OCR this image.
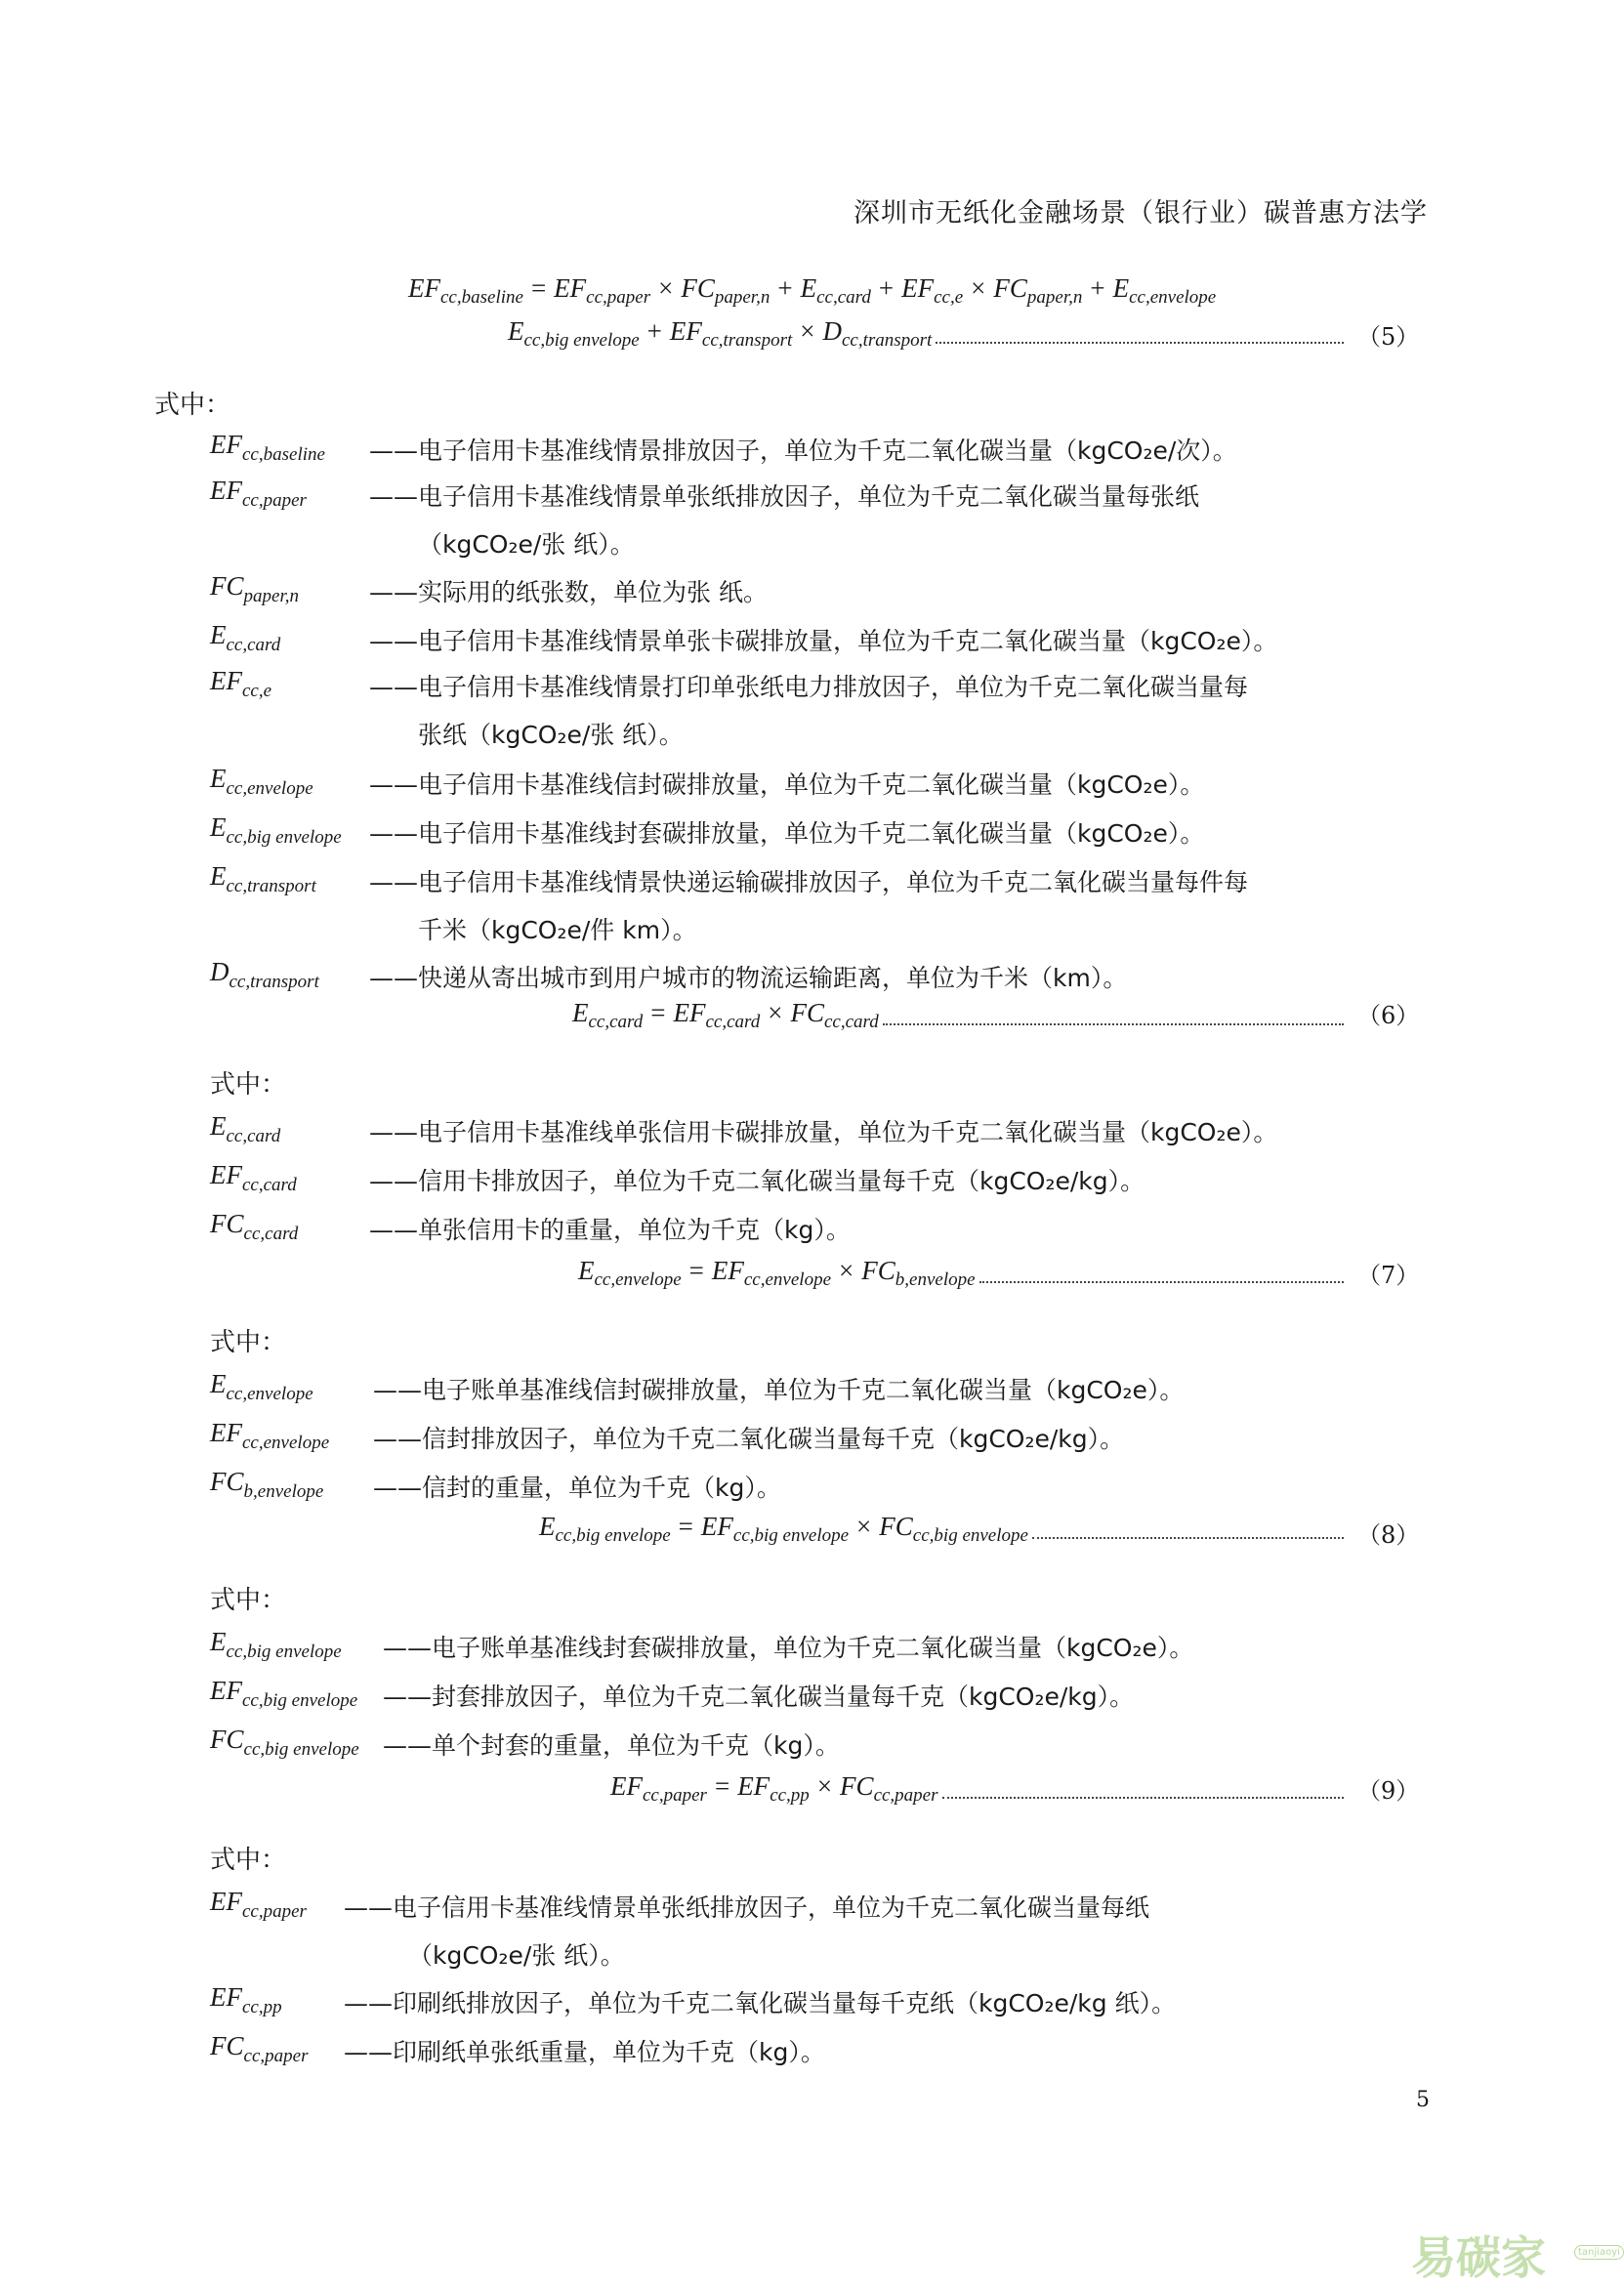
深圳市无纸化金融场景（银行业）碳普惠方法学
$EF_{cc,baseline} = EF_{cc,paper} \times FC_{paper,n} + E_{cc,card} + EF_{cc,e} \times FC_{paper,n} + E_{cc,envelope}$
$E_{cc,big envelope} + EF_{cc,transport} \times D_{cc,transport}$	（5）
式中：
$EF_{cc,baseline}$ ——电子信用卡基准线情景排放因子，单位为千克二氧化碳当量（kgCO₂e/次）。
$EF_{cc,paper}$	——电子信用卡基准线情景单张纸排放因子，单位为千克二氧化碳当量每张纸
（kgCO₂e/张 纸）。
$FC_{paper,n}$	——实际用的纸张数，单位为张 纸。
$E_{cc,card}$	——电子信用卡基准线情景单张卡碳排放量，单位为千克二氧化碳当量（kgCO₂e）。
$EF_{cc,e}$	——电子信用卡基准线情景打印单张纸电力排放因子，单位为千克二氧化碳当量每
张纸（kgCO₂e/张 纸）。
$E_{cc,envelope}$ ——电子信用卡基准线信封碳排放量，单位为千克二氧化碳当量（kgCO₂e）。
$E_{cc,big envelope}$ ——电子信用卡基准线封套碳排放量，单位为千克二氧化碳当量（kgCO₂e）。
$E_{cc,transport}$ ——电子信用卡基准线情景快递运输碳排放因子，单位为千克二氧化碳当量每件每
千米（kgCO₂e/件 km）。
$D_{cc,transport}$ ——快递从寄出城市到用户城市的物流运输距离，单位为千米（km）。
$E_{cc,card} = EF_{cc,card} \times FC_{cc,card}$	（6）
式中：
$E_{cc,card}$	——电子信用卡基准线单张信用卡碳排放量，单位为千克二氧化碳当量（kgCO₂e）。
$EF_{cc,card}$	——信用卡排放因子，单位为千克二氧化碳当量每千克（kgCO₂e/kg）。
$FC_{cc,card}$	——单张信用卡的重量，单位为千克（kg）。
$E_{cc,envelope} = EF_{cc,envelope} \times FC_{b,envelope}$	（7）
式中：
$E_{cc,envelope}$ ——电子账单基准线信封碳排放量，单位为千克二氧化碳当量（kgCO₂e）。
$EF_{cc,envelope}$ ——信封排放因子，单位为千克二氧化碳当量每千克（kgCO₂e/kg）。
$FC_{b,envelope}$ ——信封的重量，单位为千克（kg）。
$E_{cc,big envelope} = EF_{cc,big envelope} \times FC_{cc,big envelope}$	（8）
式中：
$E_{cc,big envelope}$ ——电子账单基准线封套碳排放量，单位为千克二氧化碳当量（kgCO₂e）。
$EF_{cc,big envelope}$ ——封套排放因子，单位为千克二氧化碳当量每千克（kgCO₂e/kg）。
$FC_{cc,big envelope}$ ——单个封套的重量，单位为千克（kg）。
$EF_{cc,paper} = EF_{cc,pp} \times FC_{cc,paper}$	（9）
式中：
$EF_{cc,paper}$ ——电子信用卡基准线情景单张纸排放因子，单位为千克二氧化碳当量每纸
（kgCO₂e/张 纸）。
$EF_{cc,pp}$	——印刷纸排放因子，单位为千克二氧化碳当量每千克纸（kgCO₂e/kg 纸）。
$FC_{cc,paper}$ ——印刷纸单张纸重量，单位为千克（kg）。
5
易碳家	tanjiaoyi
